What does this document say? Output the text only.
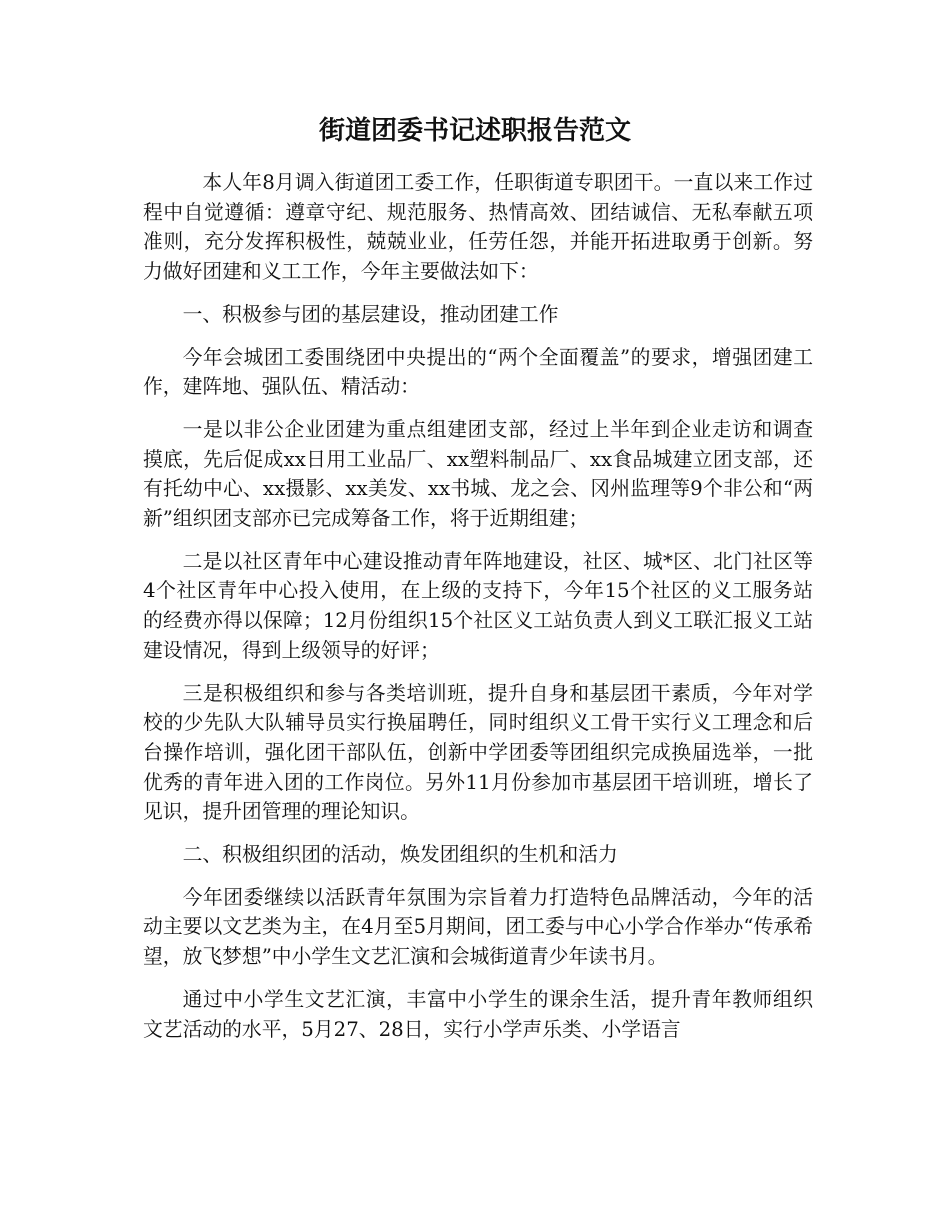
街道团委书记述职报告范文

本人年8月调入街道团工委工作，任职街道专职团干。一直以来工作过程中自觉遵循：遵章守纪、规范服务、热情高效、团结诚信、无私奉献五项准则，充分发挥积极性，兢兢业业，任劳任怨，并能开拓进取勇于创新。努力做好团建和义工工作，今年主要做法如下：

一、积极参与团的基层建设，推动团建工作

今年会城团工委围绕团中央提出的“两个全面覆盖”的要求，增强团建工作，建阵地、强队伍、精活动：

一是以非公企业团建为重点组建团支部，经过上半年到企业走访和调查摸底，先后促成xx日用工业品厂、xx塑料制品厂、xx食品城建立团支部，还有托幼中心、xx摄影、xx美发、xx书城、龙之会、冈州监理等9个非公和“两新”组织团支部亦已完成筹备工作，将于近期组建；

二是以社区青年中心建设推动青年阵地建设，社区、城*区、北门社区等4个社区青年中心投入使用，在上级的支持下，今年15个社区的义工服务站的经费亦得以保障；12月份组织15个社区义工站负责人到义工联汇报义工站建设情况，得到上级领导的好评；

三是积极组织和参与各类培训班，提升自身和基层团干素质，今年对学校的少先队大队辅导员实行换届聘任，同时组织义工骨干实行义工理念和后台操作培训，强化团干部队伍，创新中学团委等团组织完成换届选举，一批优秀的青年进入团的工作岗位。另外11月份参加市基层团干培训班，增长了见识，提升团管理的理论知识。

二、积极组织团的活动，焕发团组织的生机和活力

今年团委继续以活跃青年氛围为宗旨着力打造特色品牌活动，今年的活动主要以文艺类为主，在4月至5月期间，团工委与中心小学合作举办“传承希望，放飞梦想”中小学生文艺汇演和会城街道青少年读书月。

通过中小学生文艺汇演，丰富中小学生的课余生活，提升青年教师组织文艺活动的水平，5月27、28日，实行小学声乐类、小学语言
